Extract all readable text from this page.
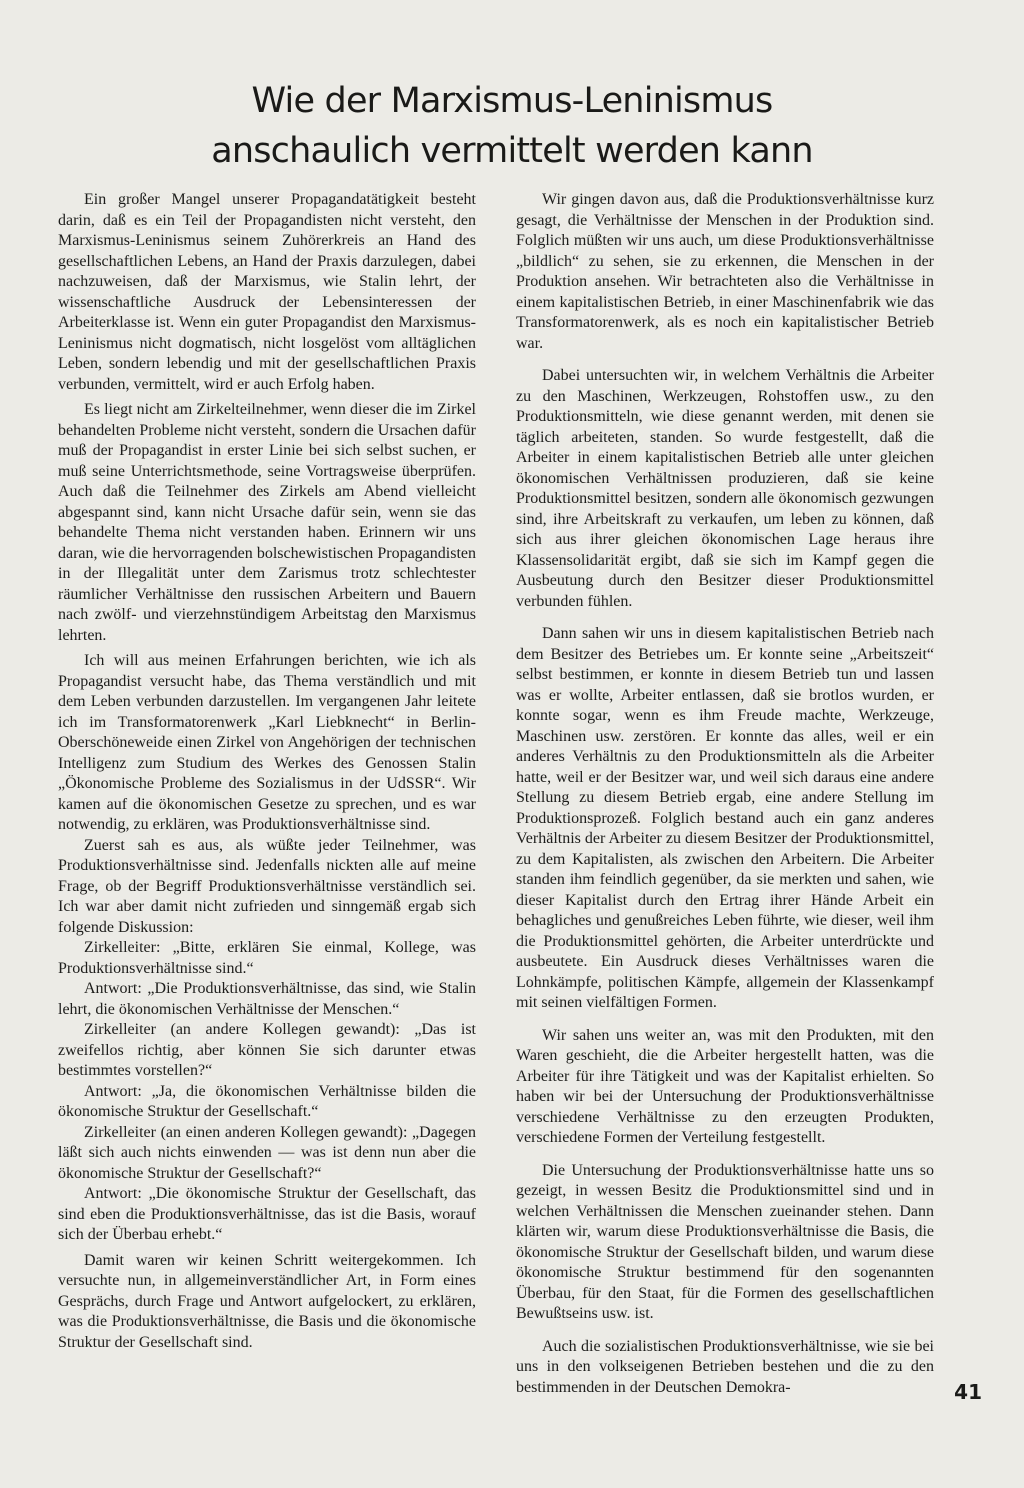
Wie der Marxismus-Leninismus
anschaulich vermittelt werden kann

Ein großer Mangel unserer Propagandatätigkeit besteht darin, daß es ein Teil der Propagandisten nicht versteht, den Marxismus-Leninismus seinem Zuhörerkreis an Hand des gesellschaftlichen Lebens, an Hand der Praxis darzulegen, dabei nachzuweisen, daß der Marxismus, wie Stalin lehrt, der wissenschaftliche Ausdruck der Lebensinteressen der Arbeiterklasse ist. Wenn ein guter Propagandist den Marxismus-Leninismus nicht dogmatisch, nicht losgelöst vom alltäglichen Leben, sondern lebendig und mit der gesellschaftlichen Praxis verbunden, vermittelt, wird er auch Erfolg haben.

Es liegt nicht am Zirkelteilnehmer, wenn dieser die im Zirkel behandelten Probleme nicht versteht, sondern die Ursachen dafür muß der Propagandist in erster Linie bei sich selbst suchen, er muß seine Unterrichtsmethode, seine Vortragsweise überprüfen. Auch daß die Teilnehmer des Zirkels am Abend vielleicht abgespannt sind, kann nicht Ursache dafür sein, wenn sie das behandelte Thema nicht verstanden haben. Erinnern wir uns daran, wie die hervorragenden bolschewistischen Propagandisten in der Illegalität unter dem Zarismus trotz schlechtester räumlicher Verhältnisse den russischen Arbeitern und Bauern nach zwölf- und vierzehnstündigem Arbeitstag den Marxismus lehrten.

Ich will aus meinen Erfahrungen berichten, wie ich als Propagandist versucht habe, das Thema verständlich und mit dem Leben verbunden darzustellen. Im vergangenen Jahr leitete ich im Transformatorenwerk „Karl Liebknecht“ in Berlin-Oberschöneweide einen Zirkel von Angehörigen der technischen Intelligenz zum Studium des Werkes des Genossen Stalin „Ökonomische Probleme des Sozialismus in der UdSSR“. Wir kamen auf die ökonomischen Gesetze zu sprechen, und es war notwendig, zu erklären, was Produktionsverhältnisse sind.

Zuerst sah es aus, als wüßte jeder Teilnehmer, was Produktionsverhältnisse sind. Jedenfalls nickten alle auf meine Frage, ob der Begriff Produktionsverhältnisse verständlich sei. Ich war aber damit nicht zufrieden und sinngemäß ergab sich folgende Diskussion:

Zirkelleiter: „Bitte, erklären Sie einmal, Kollege, was Produktionsverhältnisse sind.“

Antwort: „Die Produktionsverhältnisse, das sind, wie Stalin lehrt, die ökonomischen Verhältnisse der Menschen.“

Zirkelleiter (an andere Kollegen gewandt): „Das ist zweifellos richtig, aber können Sie sich darunter etwas bestimmtes vorstellen?“

Antwort: „Ja, die ökonomischen Verhältnisse bilden die ökonomische Struktur der Gesellschaft.“

Zirkelleiter (an einen anderen Kollegen gewandt): „Dagegen läßt sich auch nichts einwenden — was ist denn nun aber die ökonomische Struktur der Gesellschaft?“

Antwort: „Die ökonomische Struktur der Gesellschaft, das sind eben die Produktionsverhältnisse, das ist die Basis, worauf sich der Überbau erhebt.“

Damit waren wir keinen Schritt weitergekommen. Ich versuchte nun, in allgemeinverständlicher Art, in Form eines Gesprächs, durch Frage und Antwort aufgelockert, zu erklären, was die Produktionsverhältnisse, die Basis und die ökonomische Struktur der Gesellschaft sind.

Wir gingen davon aus, daß die Produktionsverhältnisse kurz gesagt, die Verhältnisse der Menschen in der Produktion sind. Folglich müßten wir uns auch, um diese Produktionsverhältnisse „bildlich“ zu sehen, sie zu erkennen, die Menschen in der Produktion ansehen. Wir betrachteten also die Verhältnisse in einem kapitalistischen Betrieb, in einer Maschinenfabrik wie das Transformatorenwerk, als es noch ein kapitalistischer Betrieb war.

Dabei untersuchten wir, in welchem Verhältnis die Arbeiter zu den Maschinen, Werkzeugen, Rohstoffen usw., zu den Produktionsmitteln, wie diese genannt werden, mit denen sie täglich arbeiteten, standen. So wurde festgestellt, daß die Arbeiter in einem kapitalistischen Betrieb alle unter gleichen ökonomischen Verhältnissen produzieren, daß sie keine Produktionsmittel besitzen, sondern alle ökonomisch gezwungen sind, ihre Arbeitskraft zu verkaufen, um leben zu können, daß sich aus ihrer gleichen ökonomischen Lage heraus ihre Klassensolidarität ergibt, daß sie sich im Kampf gegen die Ausbeutung durch den Besitzer dieser Produktionsmittel verbunden fühlen.

Dann sahen wir uns in diesem kapitalistischen Betrieb nach dem Besitzer des Betriebes um. Er konnte seine „Arbeitszeit“ selbst bestimmen, er konnte in diesem Betrieb tun und lassen was er wollte, Arbeiter entlassen, daß sie brotlos wurden, er konnte sogar, wenn es ihm Freude machte, Werkzeuge, Maschinen usw. zerstören. Er konnte das alles, weil er ein anderes Verhältnis zu den Produktionsmitteln als die Arbeiter hatte, weil er der Besitzer war, und weil sich daraus eine andere Stellung zu diesem Betrieb ergab, eine andere Stellung im Produktionsprozeß. Folglich bestand auch ein ganz anderes Verhältnis der Arbeiter zu diesem Besitzer der Produktionsmittel, zu dem Kapitalisten, als zwischen den Arbeitern. Die Arbeiter standen ihm feindlich gegenüber, da sie merkten und sahen, wie dieser Kapitalist durch den Ertrag ihrer Hände Arbeit ein behagliches und genußreiches Leben führte, wie dieser, weil ihm die Produktionsmittel gehörten, die Arbeiter unterdrückte und ausbeutete. Ein Ausdruck dieses Verhältnisses waren die Lohnkämpfe, politischen Kämpfe, allgemein der Klassenkampf mit seinen vielfältigen Formen.

Wir sahen uns weiter an, was mit den Produkten, mit den Waren geschieht, die die Arbeiter hergestellt hatten, was die Arbeiter für ihre Tätigkeit und was der Kapitalist erhielten. So haben wir bei der Untersuchung der Produktionsverhältnisse verschiedene Verhältnisse zu den erzeugten Produkten, verschiedene Formen der Verteilung festgestellt.

Die Untersuchung der Produktionsverhältnisse hatte uns so gezeigt, in wessen Besitz die Produktionsmittel sind und in welchen Verhältnissen die Menschen zueinander stehen. Dann klärten wir, warum diese Produktionsverhältnisse die Basis, die ökonomische Struktur der Gesellschaft bilden, und warum diese ökonomische Struktur bestimmend für den sogenannten Überbau, für den Staat, für die Formen des gesellschaftlichen Bewußtseins usw. ist.

Auch die sozialistischen Produktionsverhältnisse, wie sie bei uns in den volkseigenen Betrieben bestehen und die zu den bestimmenden in der Deutschen Demokra-	41
